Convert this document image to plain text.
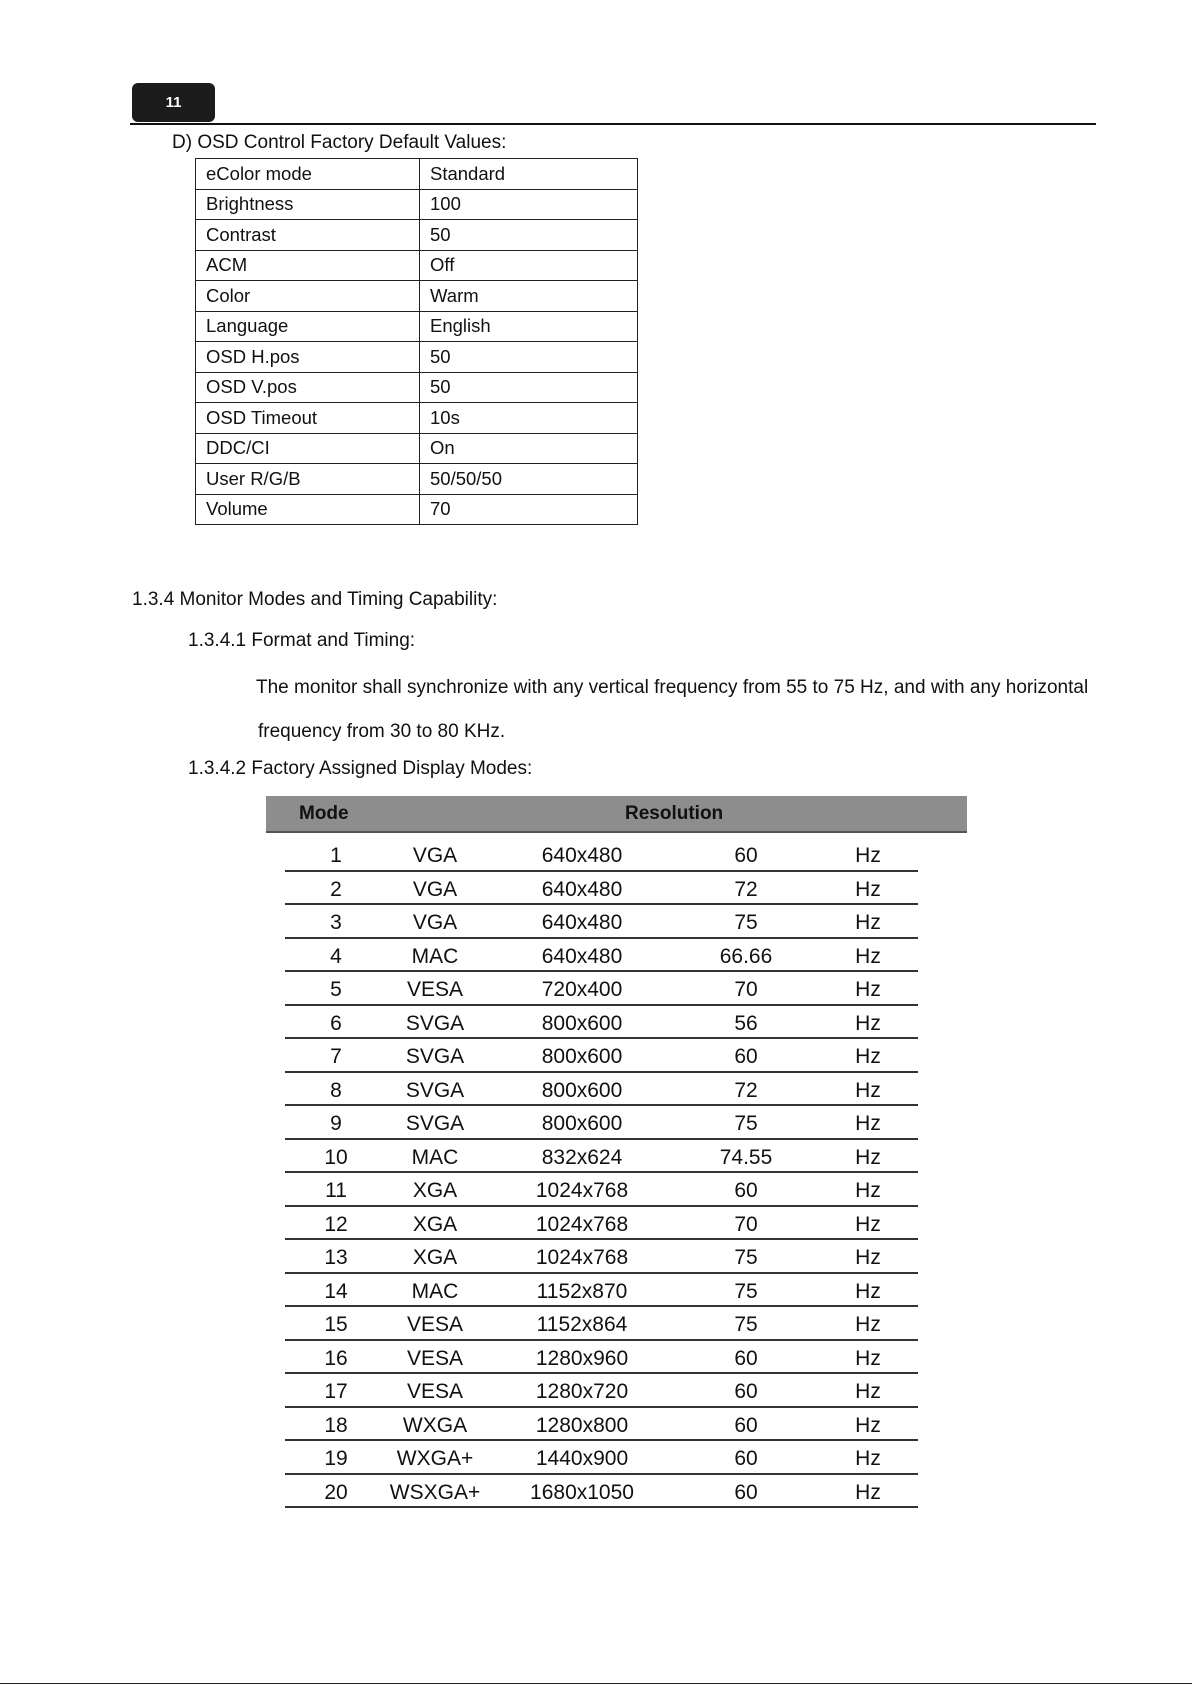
11
D) OSD Control Factory Default Values:
eColor mode	Standard
Brightness	100
Contrast	50
ACM	Off
Color	Warm
Language	English
OSD H.pos	50
OSD V.pos	50
OSD Timeout	10s
DDC/CI	On
User R/G/B	50/50/50
Volume	70
1.3.4 Monitor Modes and Timing Capability:
1.3.4.1 Format and Timing:
The monitor shall synchronize with any vertical frequency from 55 to 75 Hz, and with any horizontal
frequency from 30 to 80 KHz.
1.3.4.2 Factory Assigned Display Modes:
Mode	Resolution
1	VGA	640x480	60	Hz
2	VGA	640x480	72	Hz
3	VGA	640x480	75	Hz
4	MAC	640x480	66.66	Hz
5	VESA	720x400	70	Hz
6	SVGA	800x600	56	Hz
7	SVGA	800x600	60	Hz
8	SVGA	800x600	72	Hz
9	SVGA	800x600	75	Hz
10	MAC	832x624	74.55	Hz
11	XGA	1024x768	60	Hz
12	XGA	1024x768	70	Hz
13	XGA	1024x768	75	Hz
14	MAC	1152x870	75	Hz
15	VESA	1152x864	75	Hz
16	VESA	1280x960	60	Hz
17	VESA	1280x720	60	Hz
18	WXGA	1280x800	60	Hz
19 WXGA+	1440x900	60	Hz
20 WSXGA+ 1680x1050	60	Hz
